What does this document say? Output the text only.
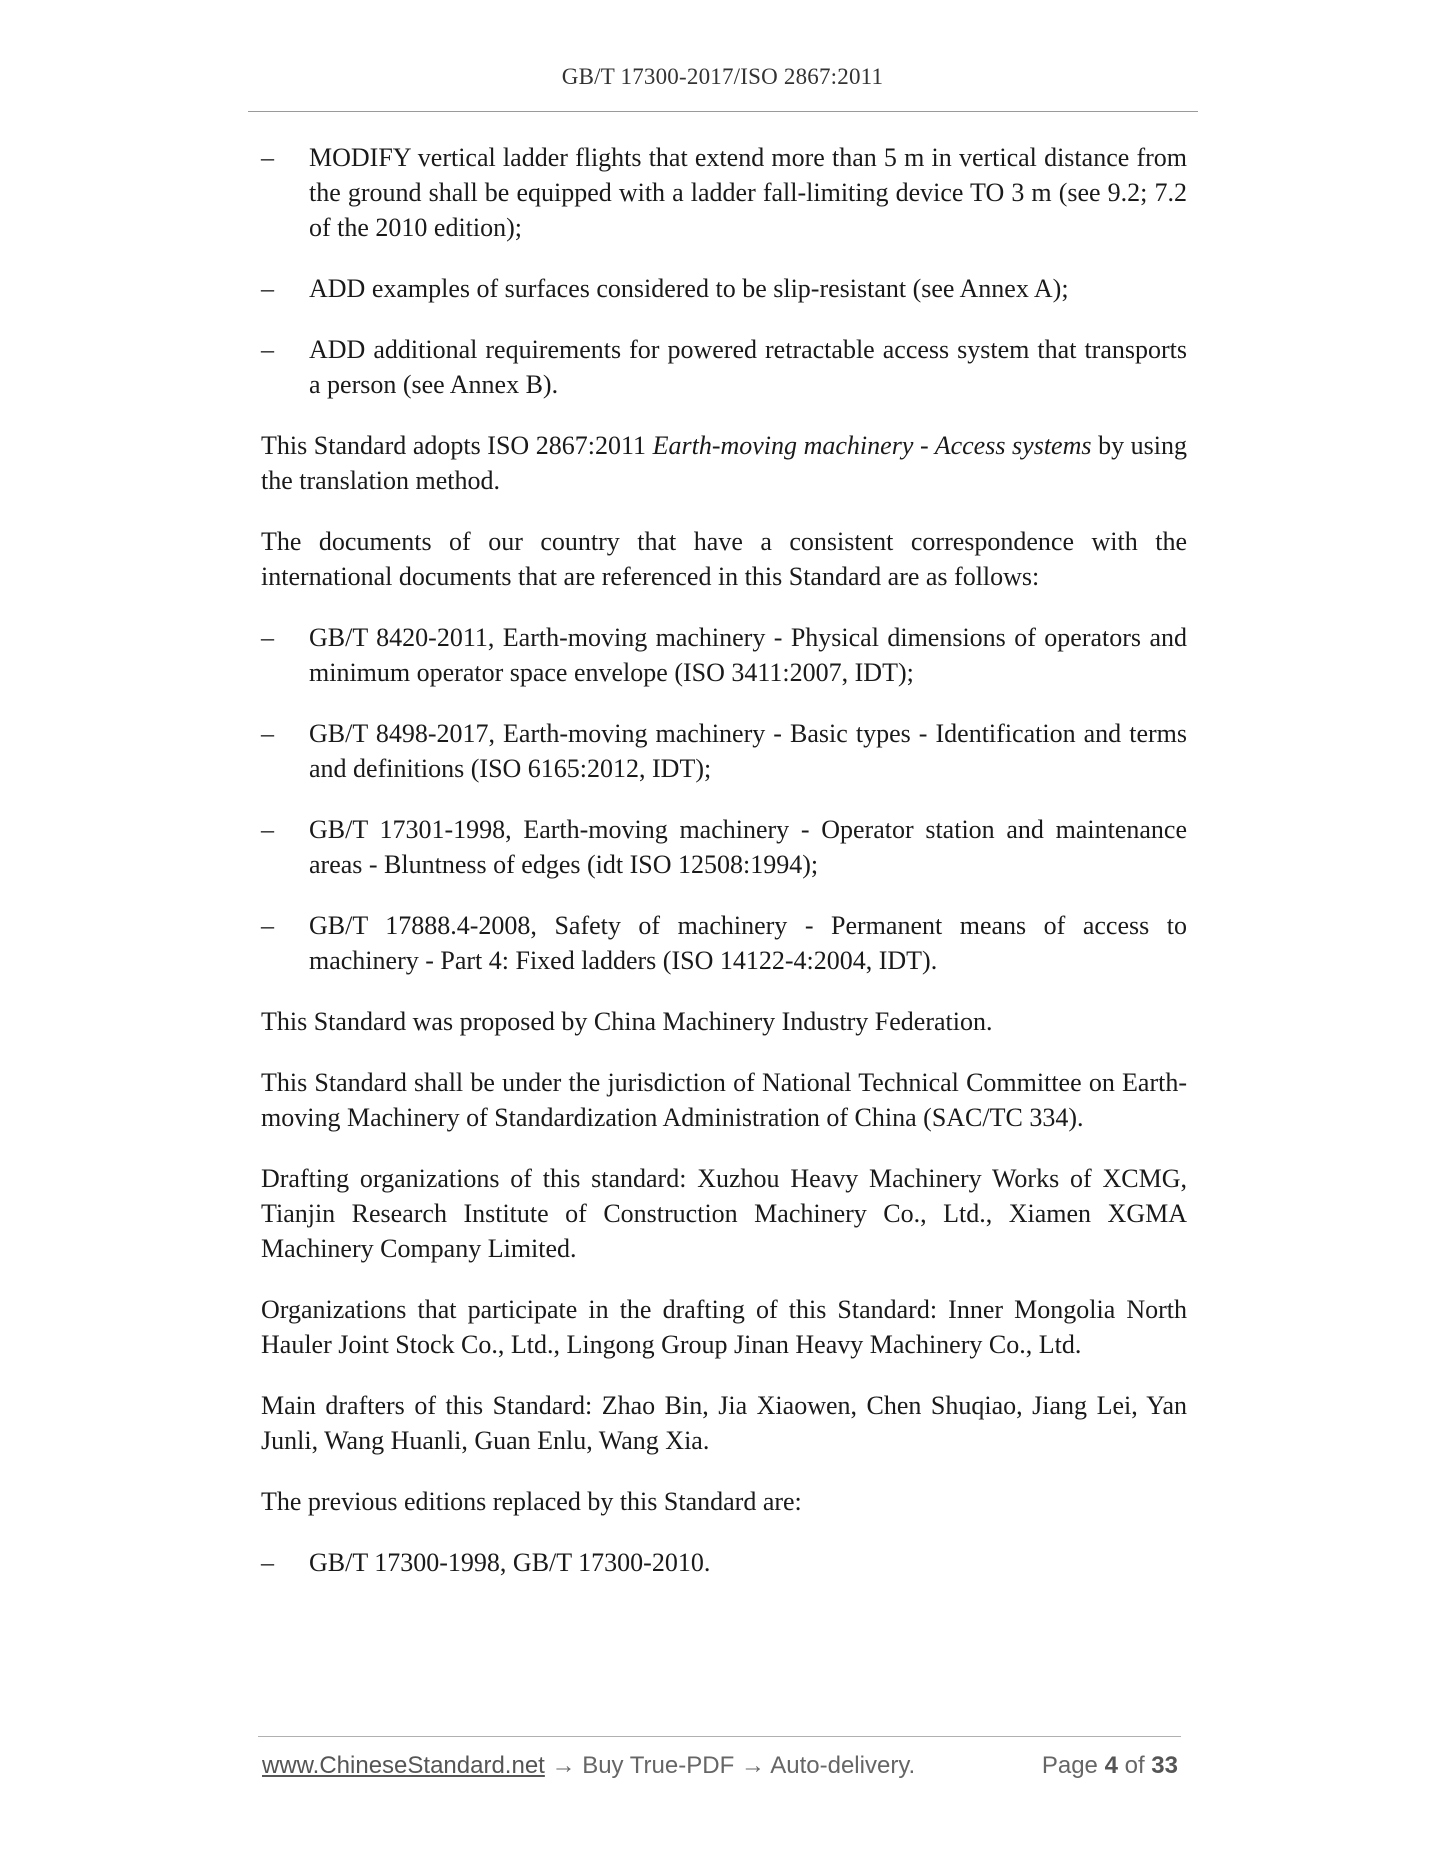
GB/T 17300-2017/ISO 2867:2011
–	MODIFY vertical ladder flights that extend more than 5 m in vertical distance from the ground shall be equipped with a ladder fall-limiting device TO 3 m (see 9.2; 7.2 of the 2010 edition);
–	ADD examples of surfaces considered to be slip-resistant (see Annex A);
–	ADD additional requirements for powered retractable access system that transports a person (see Annex B).

This Standard adopts ISO 2867:2011 Earth-moving machinery - Access systems by using the translation method.

The documents of our country that have a consistent correspondence with the international documents that are referenced in this Standard are as follows:

–	GB/T 8420-2011, Earth-moving machinery - Physical dimensions of operators and minimum operator space envelope (ISO 3411:2007, IDT);
–	GB/T 8498-2017, Earth-moving machinery - Basic types - Identification and terms and definitions (ISO 6165:2012, IDT);
–	GB/T 17301-1998, Earth-moving machinery - Operator station and maintenance areas - Bluntness of edges (idt ISO 12508:1994);
–	GB/T 17888.4-2008, Safety of machinery - Permanent means of access to machinery - Part 4: Fixed ladders (ISO 14122-4:2004, IDT).

This Standard was proposed by China Machinery Industry Federation.

This Standard shall be under the jurisdiction of National Technical Committee on Earth-moving Machinery of Standardization Administration of China (SAC/TC 334).

Drafting organizations of this standard: Xuzhou Heavy Machinery Works of XCMG, Tianjin Research Institute of Construction Machinery Co., Ltd., Xiamen XGMA Machinery Company Limited.

Organizations that participate in the drafting of this Standard: Inner Mongolia North Hauler Joint Stock Co., Ltd., Lingong Group Jinan Heavy Machinery Co., Ltd.

Main drafters of this Standard: Zhao Bin, Jia Xiaowen, Chen Shuqiao, Jiang Lei, Yan Junli, Wang Huanli, Guan Enlu, Wang Xia.

The previous editions replaced by this Standard are:

–	GB/T 17300-1998, GB/T 17300-2010.
www.ChineseStandard.net → Buy True-PDF → Auto-delivery.	Page 4 of 33
